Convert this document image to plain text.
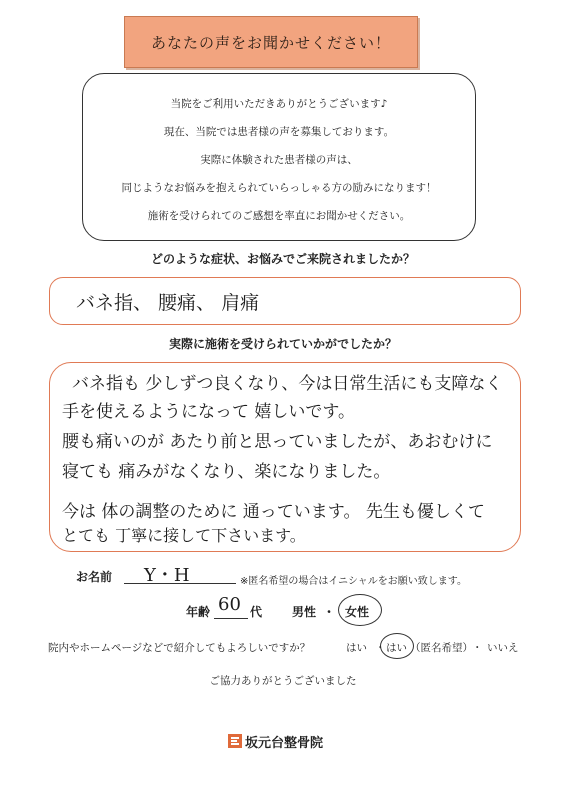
あなたの声をお聞かせください！
当院をご利用いただきありがとうございます♪
現在、当院では患者様の声を募集しております。
実際に体験された患者様の声は、
同じようなお悩みを抱えられていらっしゃる方の励みになります！
施術を受けられてのご感想を率直にお聞かせください。
どのような症状、お悩みでご来院されましたか？
バネ指、 腰痛、 肩痛
実際に施術を受けられていかがでしたか？
バネ指も 少しずつ良くなり、今は日常生活にも支障なく
手を使えるようになって 嬉しいです。
腰も痛いのが あたり前と思っていましたが、あおむけに
寝ても 痛みがなくなり、楽になりました。
今は 体の調整のために 通っています。 先生も優しくて
とても 丁寧に接して下さいます。
お名前 Y・H	※匿名希望の場合はイニシャルをお願い致します。
年齢 60 代 男性 ・ 女性
院内やホームページなどで紹介してもよろしいですか？	はい ・ はい （匿名希望） ・ いいえ
ご協力ありがとうございました
坂元台整骨院
